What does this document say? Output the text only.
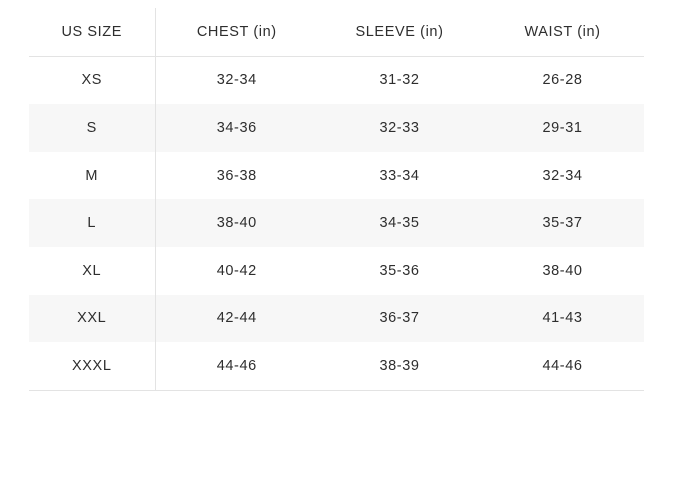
US SIZE	CHEST (in)	SLEEVE (in)	WAIST (in)
XS	32-34	31-32	26-28
S	34-36	32-33	29-31
M	36-38	33-34	32-34
L	38-40	34-35	35-37
XL	40-42	35-36	38-40
XXL	42-44	36-37	41-43
XXXL	44-46	38-39	44-46
